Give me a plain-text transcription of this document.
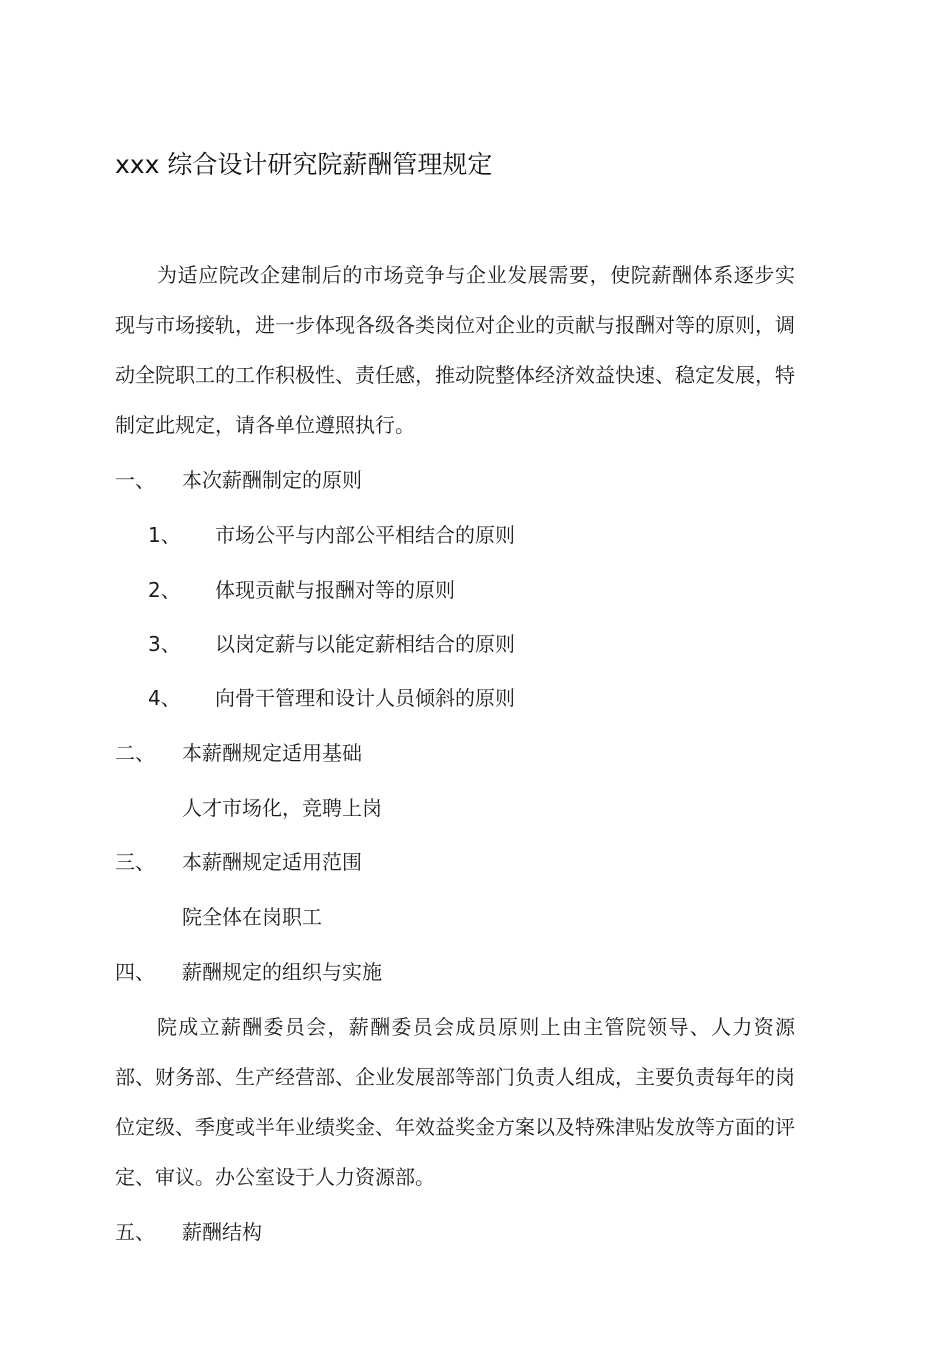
xxx 综合设计研究院薪酬管理规定
为适应院改企建制后的市场竞争与企业发展需要，使院薪酬体系逐步实现与市场接轨，进一步体现各级各类岗位对企业的贡献与报酬对等的原则，调动全院职工的工作积极性、责任感，推动院整体经济效益快速、稳定发展，特制定此规定，请各单位遵照执行。
一、 本次薪酬制定的原则
1、 市场公平与内部公平相结合的原则
2、 体现贡献与报酬对等的原则
3、 以岗定薪与以能定薪相结合的原则
4、 向骨干管理和设计人员倾斜的原则
二、 本薪酬规定适用基础
人才市场化，竞聘上岗
三、 本薪酬规定适用范围
院全体在岗职工
四、 薪酬规定的组织与实施
院成立薪酬委员会，薪酬委员会成员原则上由主管院领导、人力资源部、财务部、生产经营部、企业发展部等部门负责人组成，主要负责每年的岗位定级、季度或半年业绩奖金、年效益奖金方案以及特殊津贴发放等方面的评定、审议。办公室设于人力资源部。
五、 薪酬结构
